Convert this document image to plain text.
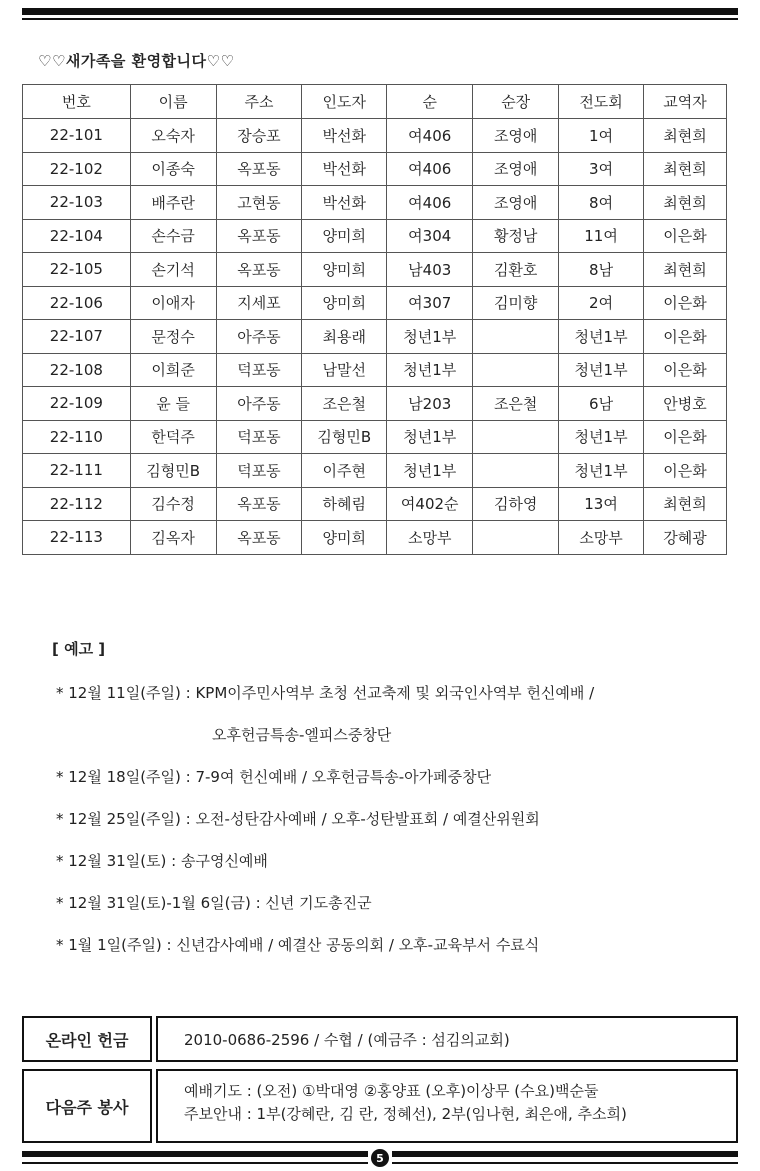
♡♡새가족을 환영합니다♡♡
번호	이름	주소	인도자	순	순장	전도회	교역자
22-101	오숙자	장승포	박선화	여406	조영애	1여	최현희
22-102	이종숙	옥포동	박선화	여406	조영애	3여	최현희
22-103	배주란	고현동	박선화	여406	조영애	8여	최현희
22-104	손수금	옥포동	양미희	여304	황정남	11여	이은화
22-105	손기석	옥포동	양미희	남403	김환호	8남	최현희
22-106	이애자	지세포	양미희	여307	김미향	2여	이은화
22-107	문정수	아주동	최용래	청년1부		청년1부	이은화
22-108	이희준	덕포동	남말선	청년1부		청년1부	이은화
22-109	윤 들	아주동	조은철	남203	조은철	6남	안병호
22-110	한덕주	덕포동	김형민B	청년1부		청년1부	이은화
22-111	김형민B	덕포동	이주현	청년1부		청년1부	이은화
22-112	김수정	옥포동	하혜림	여402순	김하영	13여	최현희
22-113	김옥자	옥포동	양미희	소망부		소망부	강혜광
[ 예고 ]
* 12월 11일(주일) : KPM이주민사역부 초청 선교축제 및 외국인사역부 헌신예배 /
오후헌금특송-엘피스중창단
* 12월 18일(주일) : 7-9여 헌신예배 / 오후헌금특송-아가페중창단
* 12월 25일(주일) : 오전-성탄감사예배 / 오후-성탄발표회 / 예결산위원회
* 12월 31일(토) : 송구영신예배
* 12월 31일(토)-1월 6일(금) : 신년 기도총진군
* 1월 1일(주일) : 신년감사예배 / 예결산 공동의회 / 오후-교육부서 수료식
온라인 헌금	2010-0686-2596 / 수협 / (예금주 : 섬김의교회)
다음주 봉사
예배기도 : (오전) ①박대영 ②홍양표 (오후)이상무 (수요)백순둘
주보안내 : 1부(강혜란, 김 란, 정혜선), 2부(임나현, 최은애, 추소희)
5
